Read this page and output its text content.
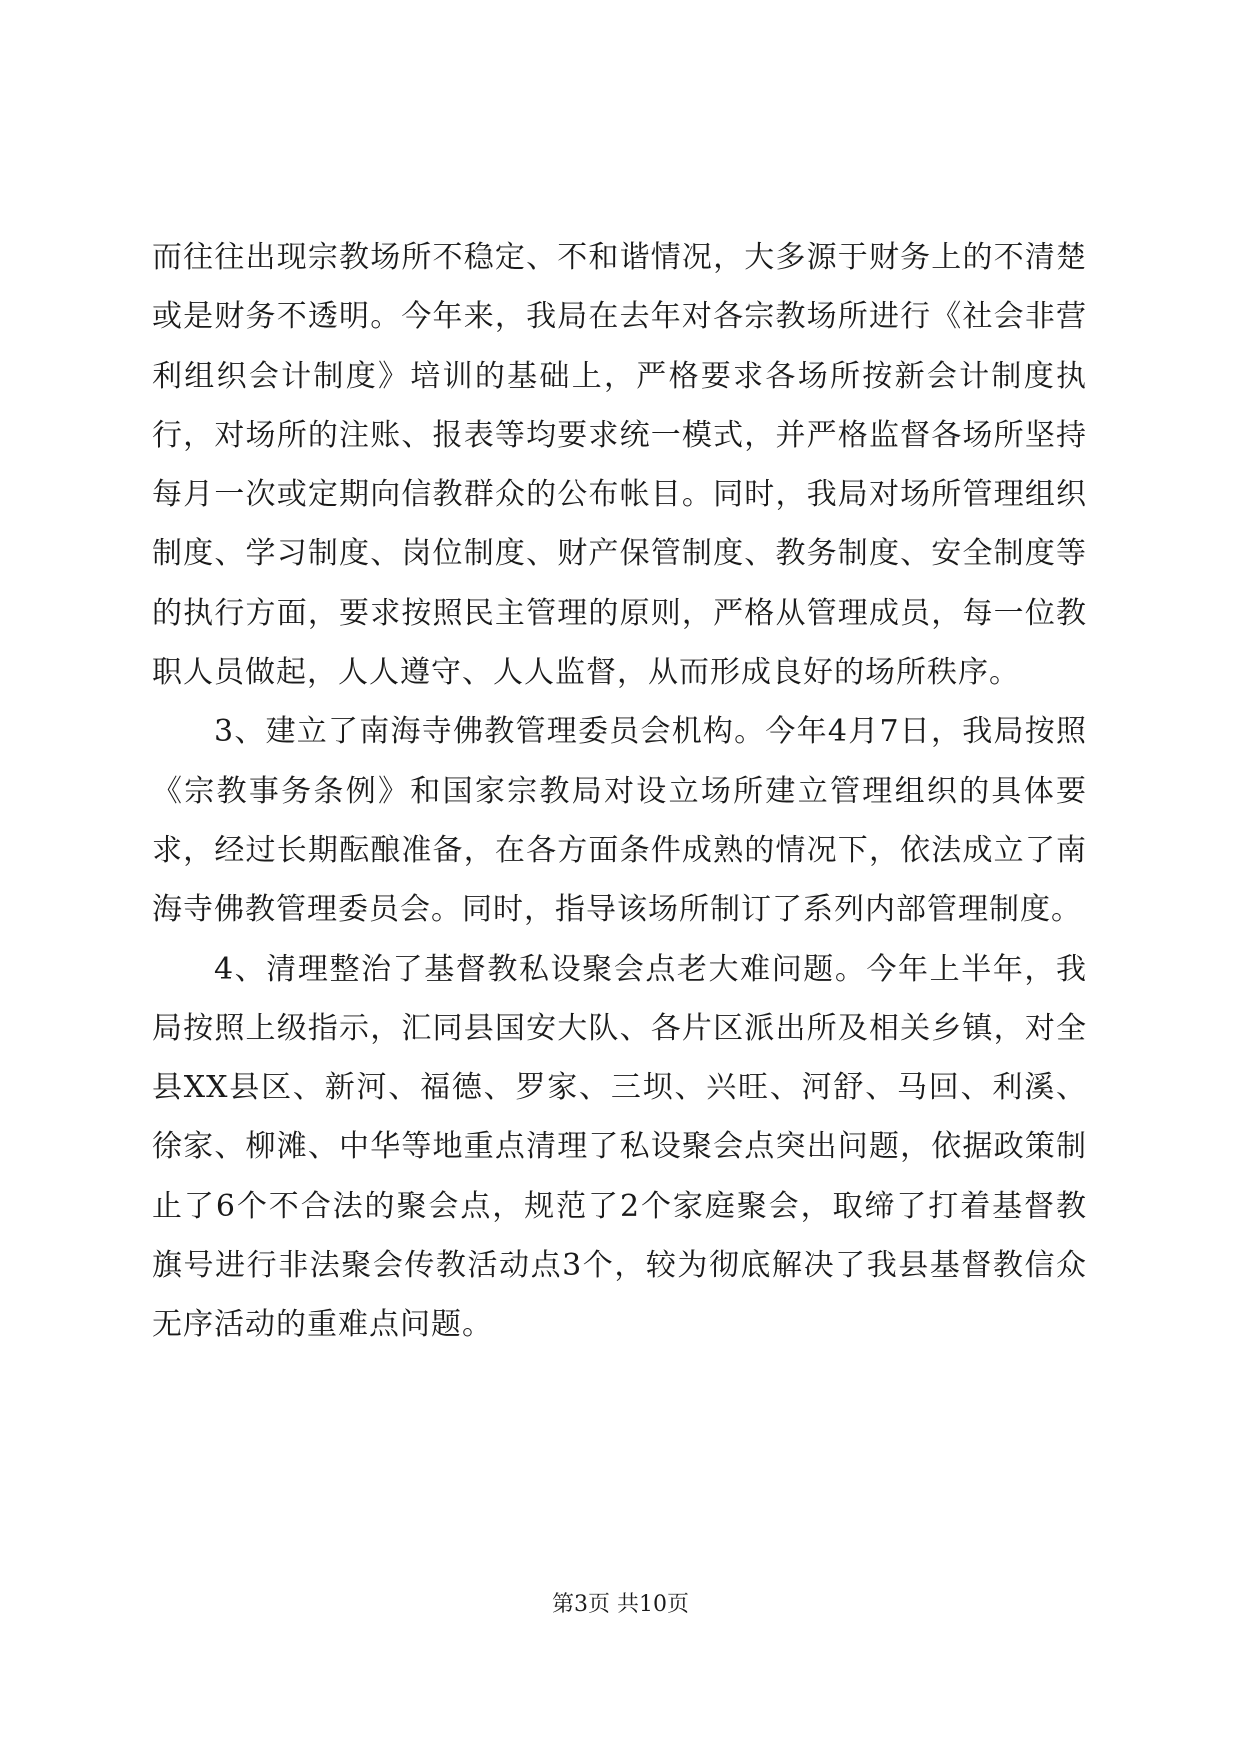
而往往出现宗教场所不稳定、不和谐情况，大多源于财务上的不清楚或是财务不透明。今年来，我局在去年对各宗教场所进行《社会非营利组织会计制度》培训的基础上，严格要求各场所按新会计制度执行，对场所的注账、报表等均要求统一模式，并严格监督各场所坚持每月一次或定期向信教群众的公布帐目。同时，我局对场所管理组织制度、学习制度、岗位制度、财产保管制度、教务制度、安全制度等的执行方面，要求按照民主管理的原则，严格从管理成员，每一位教职人员做起，人人遵守、人人监督，从而形成良好的场所秩序。

3、建立了南海寺佛教管理委员会机构。今年4月7日，我局按照《宗教事务条例》和国家宗教局对设立场所建立管理组织的具体要求，经过长期酝酿准备，在各方面条件成熟的情况下，依法成立了南海寺佛教管理委员会。同时，指导该场所制订了系列内部管理制度。

4、清理整治了基督教私设聚会点老大难问题。今年上半年，我局按照上级指示，汇同县国安大队、各片区派出所及相关乡镇，对全县XX县区、新河、福德、罗家、三坝、兴旺、河舒、马回、利溪、徐家、柳滩、中华等地重点清理了私设聚会点突出问题，依据政策制止了6个不合法的聚会点，规范了2个家庭聚会，取缔了打着基督教旗号进行非法聚会传教活动点3个，较为彻底解决了我县基督教信众无序活动的重难点问题。

第3页 共10页
